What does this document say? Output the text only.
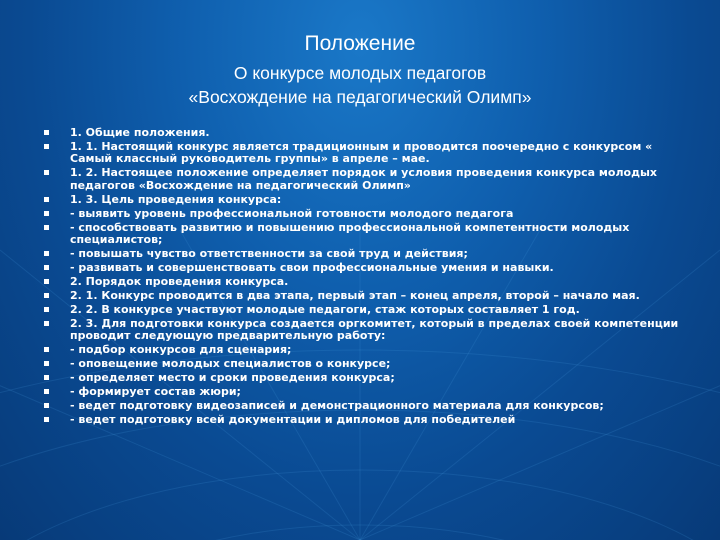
Положение
О конкурсе молодых педагогов
«Восхождение на педагогический Олимп»
1. Общие положения.
1. 1. Настоящий конкурс является традиционным и проводится поочередно с конкурсом « Самый классный руководитель группы» в апреле – мае.
1. 2. Настоящее положение определяет порядок и условия проведения конкурса молодых педагогов «Восхождение на педагогический Олимп»
1. 3. Цель проведения конкурса:
- выявить уровень профессиональной готовности молодого педагога
- способствовать развитию и повышению профессиональной компетентности молодых специалистов;
- повышать чувство ответственности за свой труд и действия;
- развивать и совершенствовать свои профессиональные умения и навыки.
2. Порядок проведения конкурса.
2. 1. Конкурс проводится в два этапа, первый этап – конец апреля, второй – начало мая.
2. 2. В конкурсе участвуют молодые педагоги, стаж которых составляет 1 год.
2. 3. Для подготовки конкурса создается оргкомитет, который в пределах своей компетенции проводит следующую предварительную работу:
- подбор конкурсов для сценария;
- оповещение молодых специалистов о конкурсе;
- определяет место и сроки проведения конкурса;
- формирует состав жюри;
- ведет подготовку видеозаписей и демонстрационного материала для конкурсов;
- ведет подготовку всей документации и дипломов для победителей
